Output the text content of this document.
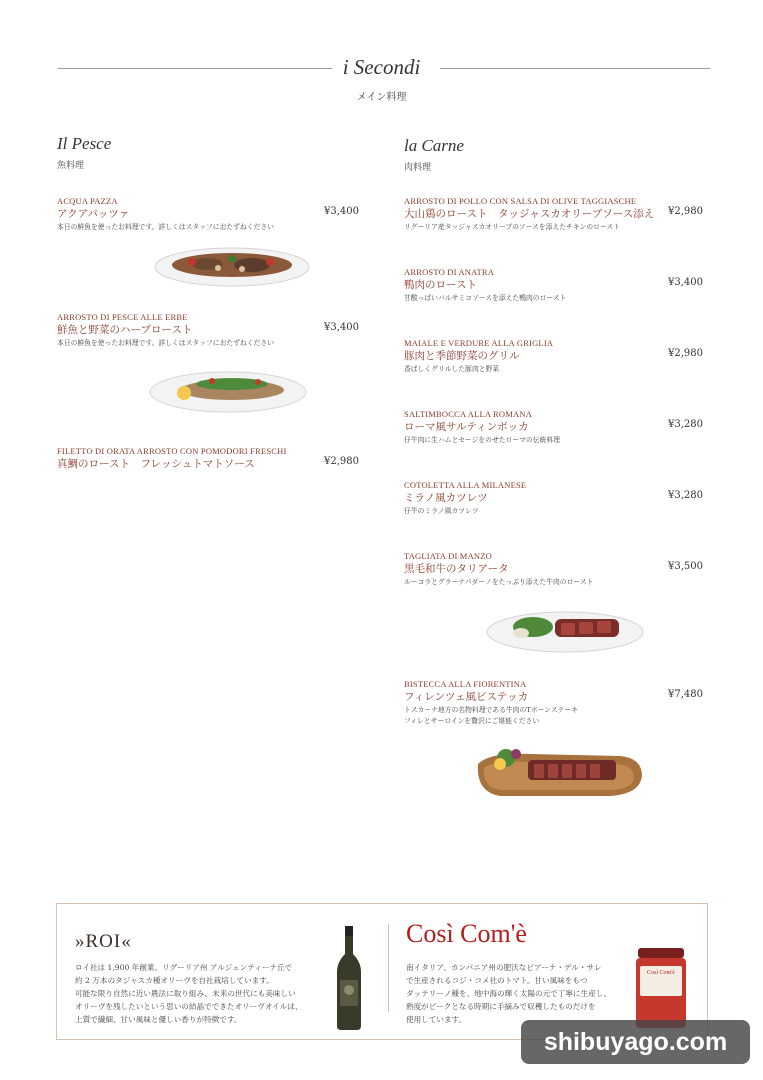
i Secondi
メイン料理
Il Pesce
魚料理
ACQUA PAZZA
アクアパッツァ
本日の鮮魚を使ったお料理です。詳しくはスタッフにおたずねください
¥3,400
ARROSTO DI PESCE ALLE ERBE
鮮魚と野菜のハーブロースト
本日の鮮魚を使ったお料理です。詳しくはスタッフにおたずねください
¥3,400
FILETTO DI ORATA ARROSTO CON POMODORI FRESCHI
真鯛のロースト　フレッシュトマトソース	¥2,980
la Carne
肉料理
ARROSTO DI POLLO CON SALSA DI OLIVE TAGGIASCHE
大山鶏のロースト　タッジャスカオリーブソース添え
リグーリア産タッジャスカオリーブのソースを添えたチキンのロースト
¥2,980
ARROSTO DI ANATRA
鴨肉のロースト
甘酸っぱいバルサミコソースを添えた鴨肉のロースト
¥3,400
MAIALE E VERDURE ALLA GRIGLIA
豚肉と季節野菜のグリル
香ばしくグリルした豚肉と野菜
¥2,980
SALTIMBOCCA ALLA ROMANA
ローマ風サルティンボッカ
仔牛肉に生ハムとセージをのせたローマの伝統料理
¥3,280
COTOLETTA ALLA MILANESE
ミラノ風カツレツ
仔牛のミラノ風カツレツ
¥3,280
TAGLIATA DI MANZO
黒毛和牛のタリアータ
ルーコラとグラーナパダーノをたっぷり添えた牛肉のロースト
¥3,500
BISTECCA ALLA FIORENTINA
フィレンツェ風ビステッカ
トスカーナ地方の名物料理である牛肉のTボーンステーキ
フィレとサーロインを贅沢にご堪能ください
¥7,480
»ROI«
ロイ社は 1,900 年創業、リグーリア州 アルジェンティーナ丘で
約 2 万本のタジャスカ種オリーヴを自社栽培しています。
可能な限り自然に近い農法に取り組み、未来の世代にも美味しい
オリーヴを残したいという思いの結晶でできたオリーヴオイルは、
上質で繊細、甘い風味と優しい香りが特徴です。
Così Com'è
南イタリア、カンパニア州の肥沃なピアーナ・デル・サレ
で生産されるコジ・コメ社のトマト。甘い風味をもつ
ダッテリーノ種を、地中海の輝く太陽の元で丁寧に生産し、
熟度がピークとなる時期に手摘みで収穫したものだけを
使用しています。
Così Com'è
shibuyago.com
